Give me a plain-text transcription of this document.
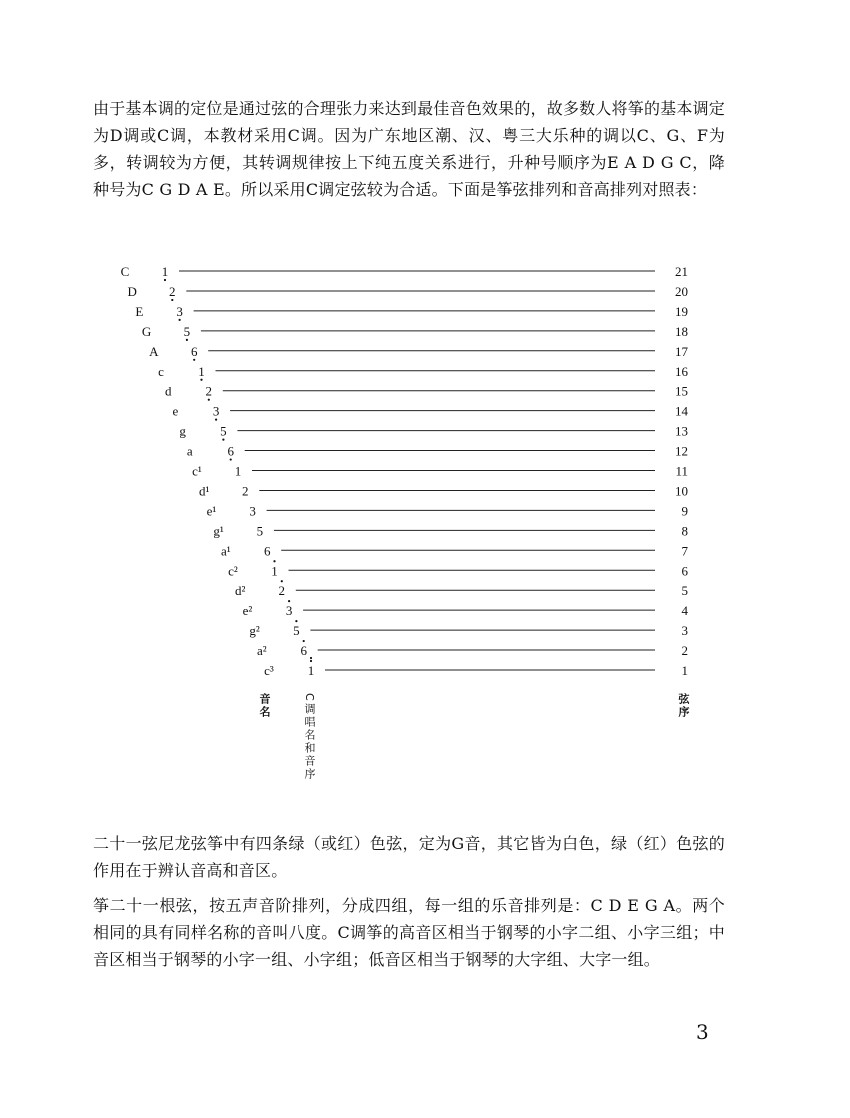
由于基本调的定位是通过弦的合理张力来达到最佳音色效果的，故多数人将筝的基本调定为D调或C调，本教材采用C调。因为广东地区潮、汉、粤三大乐种的调以C、G、F为多，转调较为方便，其转调规律按上下纯五度关系进行，升种号顺序为E A D G C，降种号为C G D A E。所以采用C调定弦较为合适。下面是筝弦排列和音高排列对照表：

C 1	21
D 2	20
E	3	19
G 5	18
A 6	17
c	1	16
d	2	15
e	3	14
g	5	13
a	6	12
c¹	1	11
d¹	2	10
e¹	3	9
g¹	5	8
a¹	6	7
c²	1	6
d²	2	5
e²	3	4
g²	5	3
a²	6	2
c³	1	1
音名	C调唱名和音序	弦序

二十一弦尼龙弦筝中有四条绿（或红）色弦，定为G音，其它皆为白色，绿（红）色弦的作用在于辨认音高和音区。

筝二十一根弦，按五声音阶排列，分成四组，每一组的乐音排列是：C D E G A。两个相同的具有同样名称的音叫八度。C调筝的高音区相当于钢琴的小字二组、小字三组；中音区相当于钢琴的小字一组、小字组；低音区相当于钢琴的大字组、大字一组。

3
